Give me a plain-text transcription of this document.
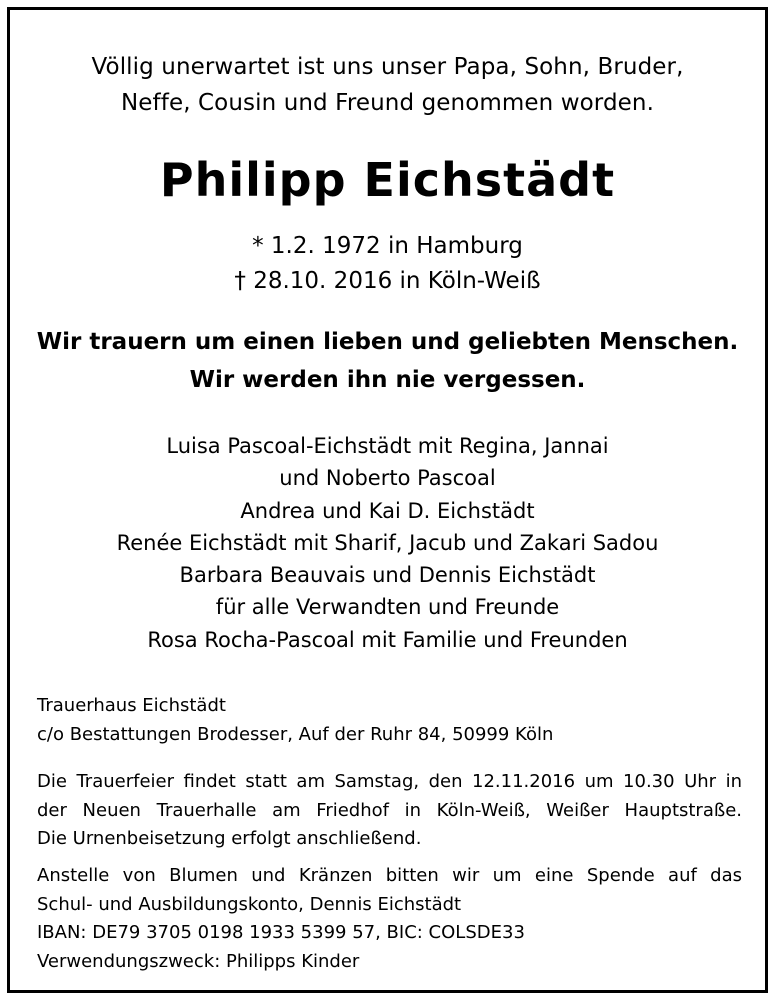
Völlig unerwartet ist uns unser Papa, Sohn, Bruder,
Neffe, Cousin und Freund genommen worden.
Philipp Eichstädt
* 1.2. 1972 in Hamburg
† 28.10. 2016 in Köln-Weiß
Wir trauern um einen lieben und geliebten Menschen.
Wir werden ihn nie vergessen.
Luisa Pascoal-Eichstädt mit Regina, Jannai
und Noberto Pascoal
Andrea und Kai D. Eichstädt
Renée Eichstädt mit Sharif, Jacub und Zakari Sadou
Barbara Beauvais und Dennis Eichstädt
für alle Verwandten und Freunde
Rosa Rocha-Pascoal mit Familie und Freunden
Trauerhaus Eichstädt
c/o Bestattungen Brodesser, Auf der Ruhr 84, 50999 Köln
Die Trauerfeier findet statt am Samstag, den 12.11.2016 um 10.30 Uhr in
der Neuen Trauerhalle am Friedhof in Köln-Weiß, Weißer Hauptstraße.
Die Urnenbeisetzung erfolgt anschließend.
Anstelle von Blumen und Kränzen bitten wir um eine Spende auf das
Schul- und Ausbildungskonto, Dennis Eichstädt
IBAN: DE79 3705 0198 1933 5399 57, BIC: COLSDE33
Verwendungszweck: Philipps Kinder
